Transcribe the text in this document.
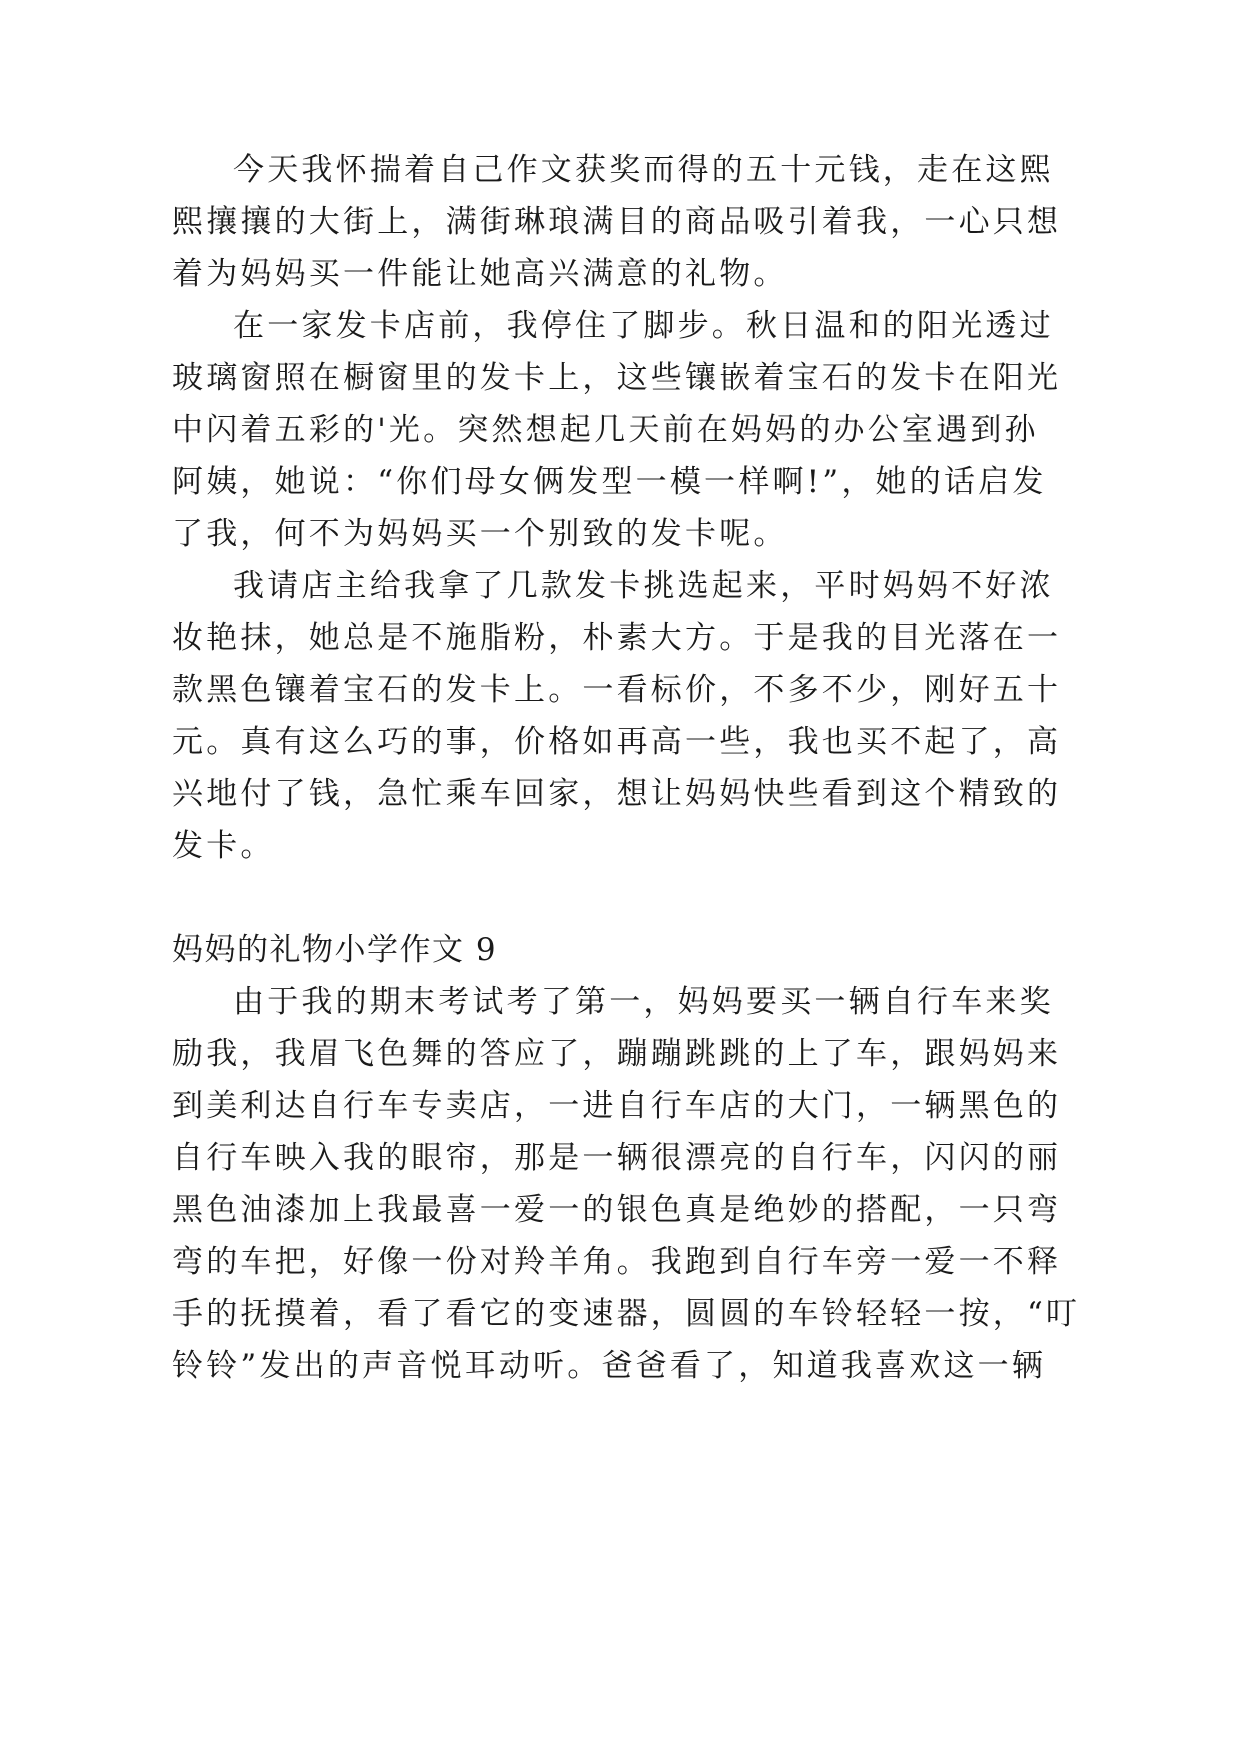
今天我怀揣着自己作文获奖而得的五十元钱，走在这熙
熙攘攘的大街上，满街琳琅满目的商品吸引着我，一心只想
着为妈妈买一件能让她高兴满意的礼物。
在一家发卡店前，我停住了脚步。秋日温和的阳光透过
玻璃窗照在橱窗里的发卡上，这些镶嵌着宝石的发卡在阳光
中闪着五彩的'光。突然想起几天前在妈妈的办公室遇到孙
阿姨，她说：“你们母女俩发型一模一样啊!”，她的话启发
了我，何不为妈妈买一个别致的发卡呢。
我请店主给我拿了几款发卡挑选起来，平时妈妈不好浓
妆艳抹，她总是不施脂粉，朴素大方。于是我的目光落在一
款黑色镶着宝石的发卡上。一看标价，不多不少，刚好五十
元。真有这么巧的事，价格如再高一些，我也买不起了，高
兴地付了钱，急忙乘车回家，想让妈妈快些看到这个精致的
发卡。
妈妈的礼物小学作文 9
由于我的期末考试考了第一，妈妈要买一辆自行车来奖
励我，我眉飞色舞的答应了，蹦蹦跳跳的上了车，跟妈妈来
到美利达自行车专卖店，一进自行车店的大门，一辆黑色的
自行车映入我的眼帘，那是一辆很漂亮的自行车，闪闪的丽
黑色油漆加上我最喜一爱一的银色真是绝妙的搭配，一只弯
弯的车把，好像一份对羚羊角。我跑到自行车旁一爱一不释
手的抚摸着，看了看它的变速器，圆圆的车铃轻轻一按，“叮
铃铃”发出的声音悦耳动听。爸爸看了，知道我喜欢这一辆
